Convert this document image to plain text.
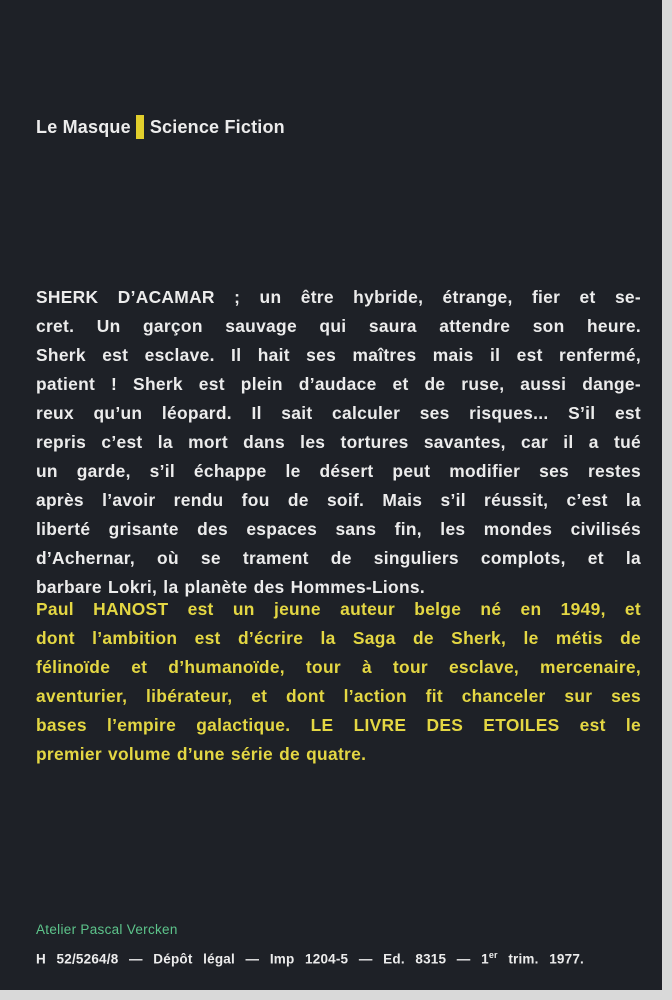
Le Masque Science Fiction

SHERK D’ACAMAR ; un être hybride, étrange, fier et se-
cret. Un garçon sauvage qui saura attendre son heure.
Sherk est esclave. Il hait ses maîtres mais il est renfermé,
patient ! Sherk est plein d’audace et de ruse, aussi dange-
reux qu’un léopard. Il sait calculer ses risques... S’il est
repris c’est la mort dans les tortures savantes, car il a tué
un garde, s’il échappe le désert peut modifier ses restes
après l’avoir rendu fou de soif. Mais s’il réussit, c’est la
liberté grisante des espaces sans fin, les mondes civilisés
d’Achernar, où se trament de singuliers complots, et la
barbare Lokri, la planète des Hommes-Lions.

Paul HANOST est un jeune auteur belge né en 1949, et
dont l’ambition est d’écrire la Saga de Sherk, le métis de
félinoïde et d’humanoïde, tour à tour esclave, mercenaire,
aventurier, libérateur, et dont l’action fit chanceler sur ses
bases l’empire galactique. LE LIVRE DES ETOILES est le
premier volume d’une série de quatre.

Atelier Pascal Vercken
H 52/5264/8 — Dépôt légal — Imp 1204-5 — Ed. 8315 — 1er trim. 1977.
